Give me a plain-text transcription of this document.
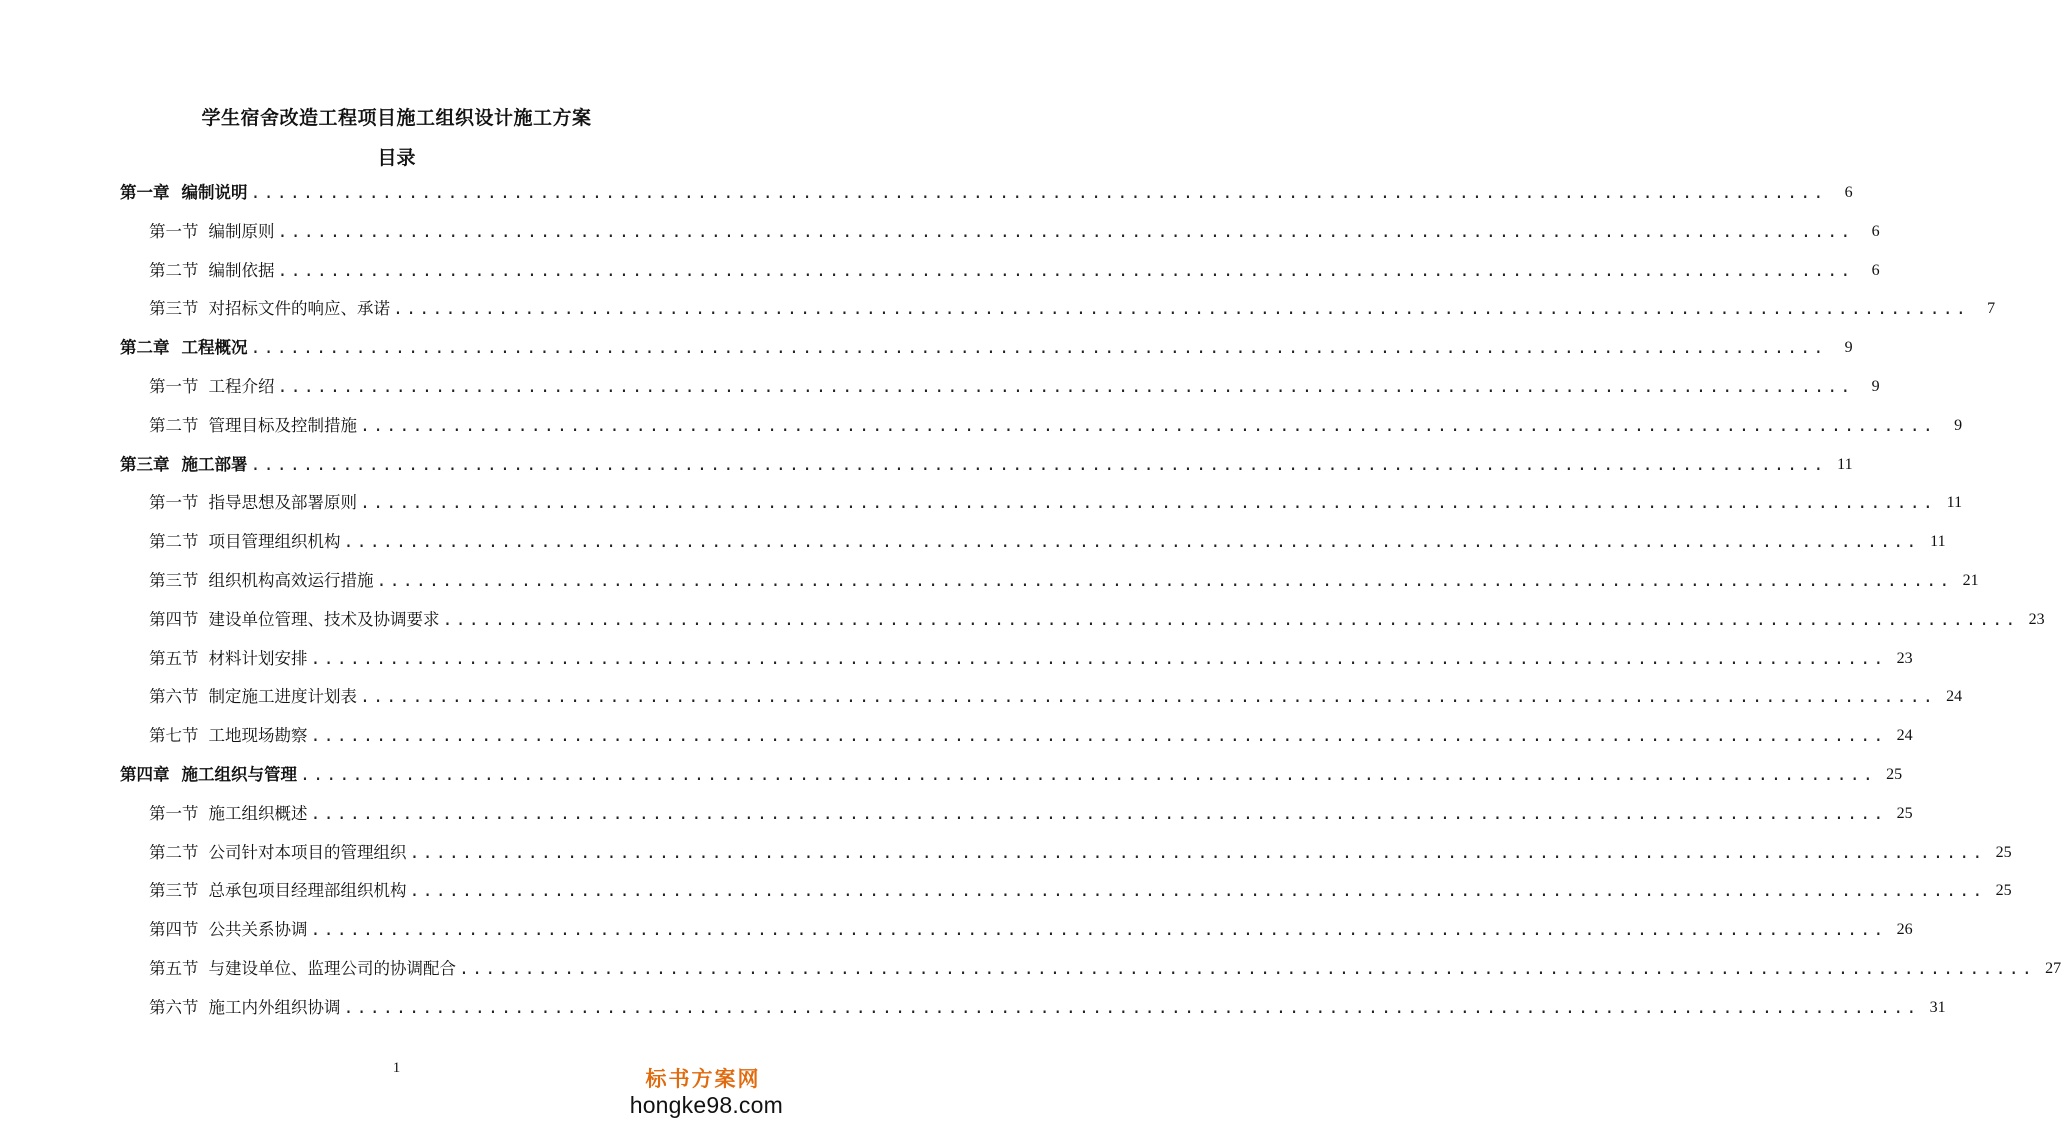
学生宿舍改造工程项目施工组织设计施工方案
目录
第一章 编制说明 ........................................................................................................................	6
第一节 编制原则 ........................................................................................................................	6
第二节 编制依据 ........................................................................................................................	6
第三节 对招标文件的响应、承诺 ........................................................................................................................	7
第二章 工程概况 ........................................................................................................................	9
第一节 工程介绍 ........................................................................................................................	9
第二节 管理目标及控制措施 ........................................................................................................................	9
第三章 施工部署 ........................................................................................................................ 11
第一节 指导思想及部署原则 ........................................................................................................................ 11
第二节 项目管理组织机构 ........................................................................................................................ 11
第三节 组织机构高效运行措施 ........................................................................................................................ 21
第四节 建设单位管理、技术及协调要求 ........................................................................................................................ 23
第五节 材料计划安排 ........................................................................................................................ 23
第六节 制定施工进度计划表 ........................................................................................................................ 24
第七节 工地现场勘察 ........................................................................................................................ 24
第四章 施工组织与管理 ........................................................................................................................ 25
第一节 施工组织概述 ........................................................................................................................ 25
第二节 公司针对本项目的管理组织 ........................................................................................................................ 25
第三节 总承包项目经理部组织机构 ........................................................................................................................ 25
第四节 公共关系协调 ........................................................................................................................ 26
第五节 与建设单位、监理公司的协调配合 ........................................................................................................................ 27
第六节 施工内外组织协调 ........................................................................................................................ 31
1	标书方案网
hongke98.com
